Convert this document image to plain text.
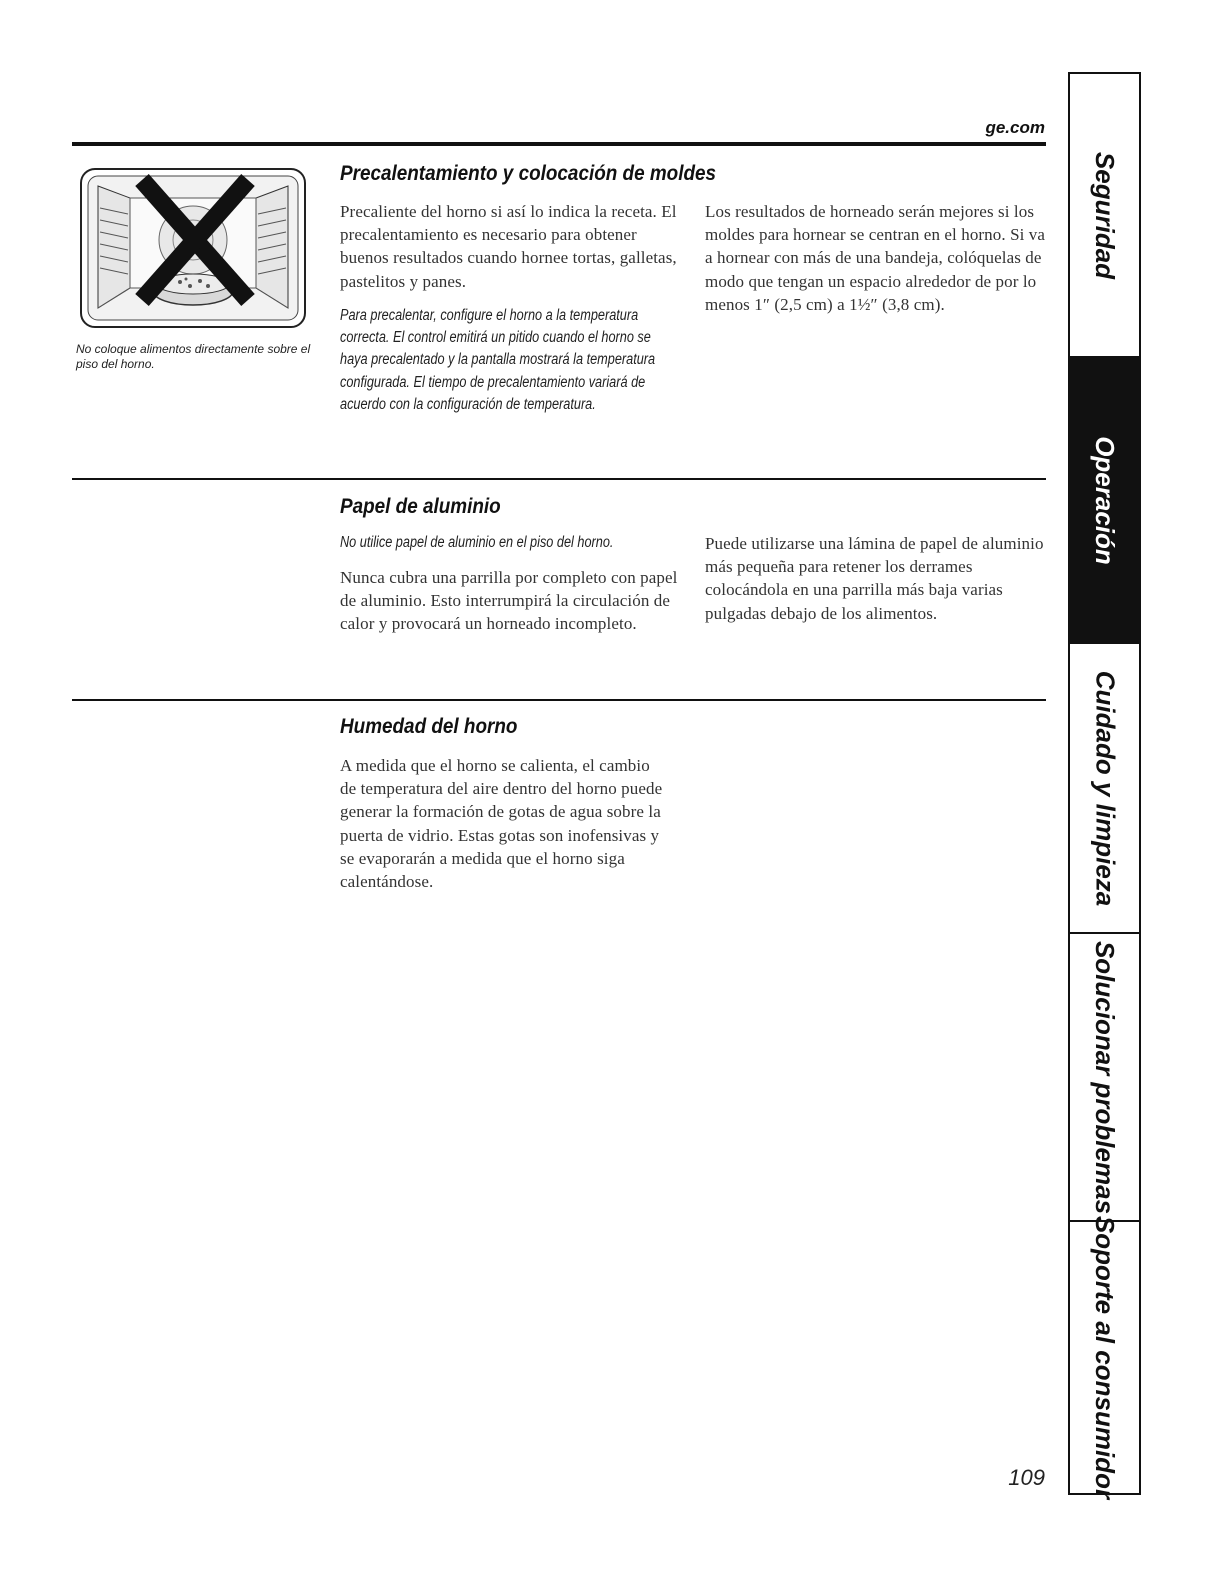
ge.com
No coloque alimentos directamente sobre el piso del horno.
Precalentamiento y colocación de moldes
Precaliente del horno si así lo indica la receta. El precalentamiento es necesario para obtener buenos resultados cuando hornee tortas, galletas, pastelitos y panes.
Para precalentar, configure el horno a la temperatura correcta. El control emitirá un pitido cuando el horno se haya precalentado y la pantalla mostrará la temperatura configurada. El tiempo de precalentamiento variará de acuerdo con la configuración de temperatura.
Los resultados de horneado serán mejores si los moldes para hornear se centran en el horno. Si va a hornear con más de una bandeja, colóquelas de modo que tengan un espacio alrededor de por lo menos 1″ (2,5 cm) a 1½″ (3,8 cm).
Papel de aluminio
No utilice papel de aluminio en el piso del horno.
Nunca cubra una parrilla por completo con papel de aluminio. Esto interrumpirá la circulación de calor y provocará un horneado incompleto.
Puede utilizarse una lámina de papel de aluminio más pequeña para retener los derrames colocándola en una parrilla más baja varias pulgadas debajo de los alimentos.
Humedad del horno
A medida que el horno se calienta, el cambio de temperatura del aire dentro del horno puede generar la formación de gotas de agua sobre la puerta de vidrio. Estas gotas son inofensivas y se evaporarán a medida que el horno siga calentándose.
109
Seguridad
Operación
Cuidado y limpieza
Solucionar problemas
Soporte al consumidor
